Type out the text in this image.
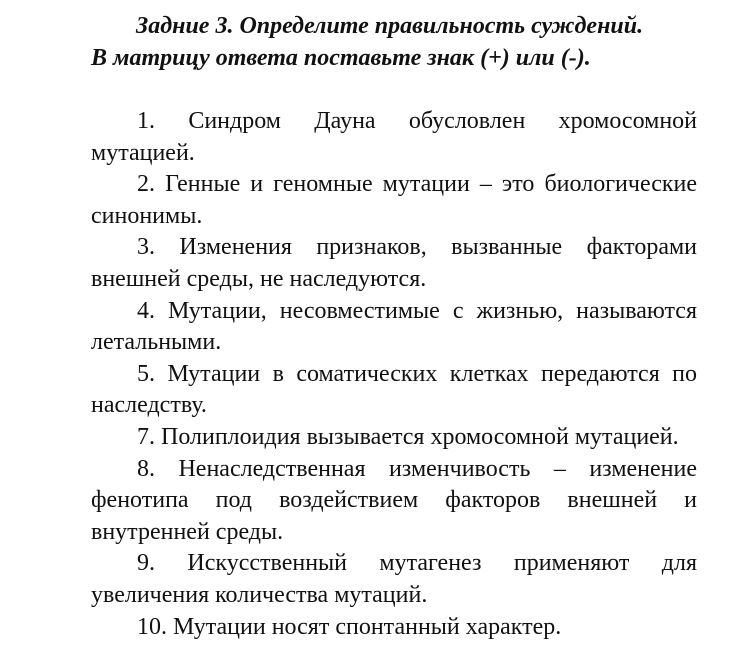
Задние 3. Определите правильность суждений.
В матрицу ответа поставьте знак (+) или (-).

1. Синдром Дауна обусловлен хромосомной мутацией.

2. Генные и геномные мутации – это биологические синонимы.

3. Изменения признаков, вызванные факторами внешней среды, не наследуются.

4. Мутации, несовместимые с жизнью, называются летальными.

5. Мутации в соматических клетках передаются по наследству.

7. Полиплоидия вызывается хромосомной мутацией.

8. Ненаследственная изменчивость – изменение фенотипа под воздействием факторов внешней и внутренней среды.

9. Искусственный мутагенез применяют для увеличения количества мутаций.

10. Мутации носят спонтанный характер.
